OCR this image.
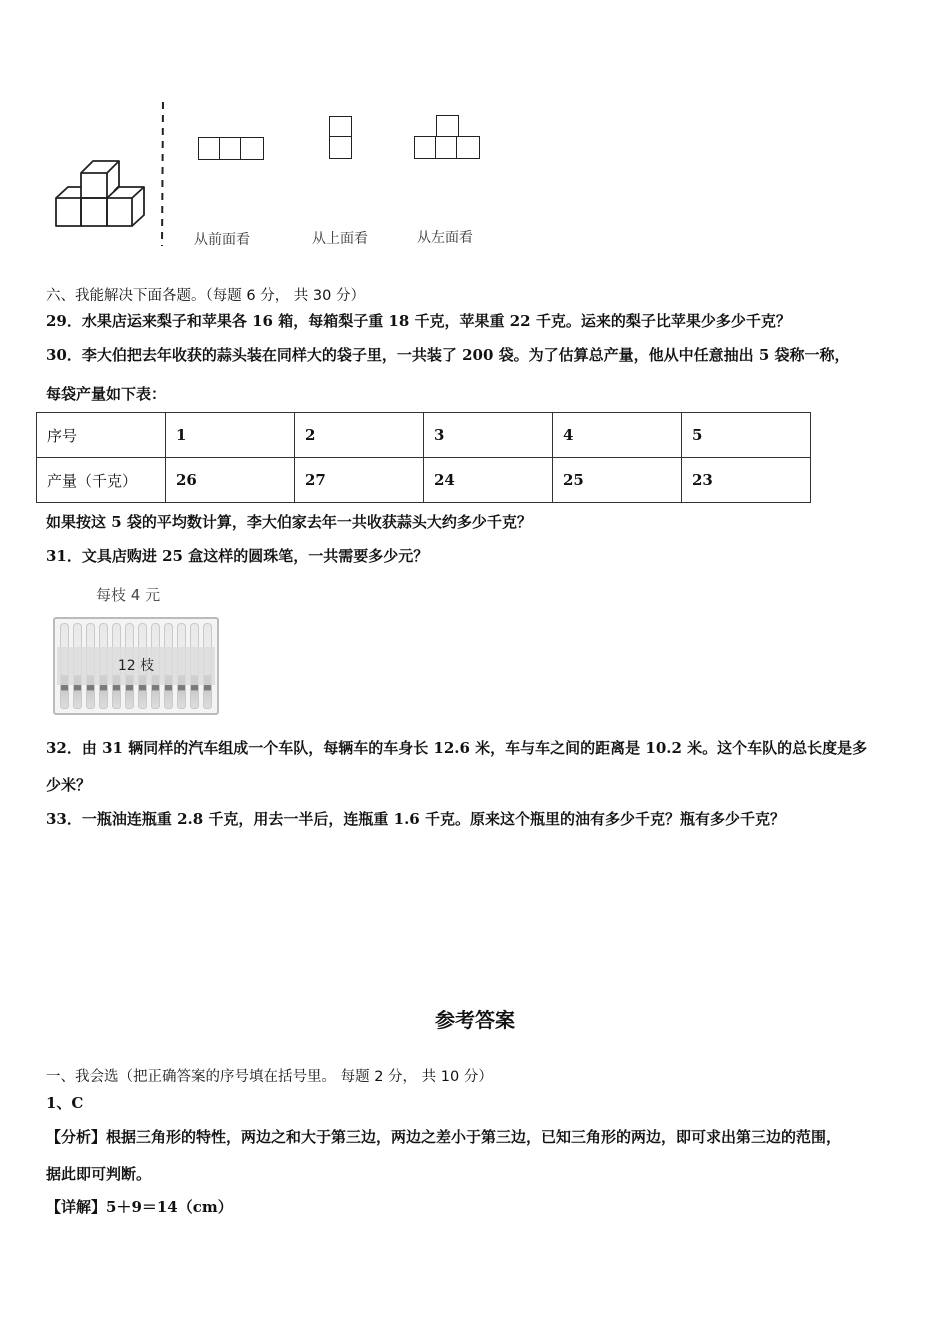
从前面看	从上面看	从左面看
六、我能解决下面各题。（每题 6 分， 共 30 分）
29．水果店运来梨子和苹果各 16 箱，每箱梨子重 18 千克，苹果重 22 千克。运来的梨子比苹果少多少千克？
30．李大伯把去年收获的蒜头装在同样大的袋子里，一共装了 200 袋。为了估算总产量，他从中任意抽出 5 袋称一称，
每袋产量如下表：
序号	1	2	3	4	5
产量（千克）	26	27	24	25	23
如果按这 5 袋的平均数计算，李大伯家去年一共收获蒜头大约多少千克？
31．文具店购进 25 盒这样的圆珠笔，一共需要多少元？
每枝 4 元
12 枝
32．由 31 辆同样的汽车组成一个车队，每辆车的车身长 12.6 米，车与车之间的距离是 10.2 米。这个车队的总长度是多
少米？
33．一瓶油连瓶重 2.8 千克，用去一半后，连瓶重 1.6 千克。原来这个瓶里的油有多少千克？瓶有多少千克？
参考答案
一、我会选（把正确答案的序号填在括号里。 每题 2 分， 共 10 分）
1、C
【分析】根据三角形的特性，两边之和大于第三边，两边之差小于第三边，已知三角形的两边，即可求出第三边的范围，
据此即可判断。
【详解】5＋9＝14（cm）
